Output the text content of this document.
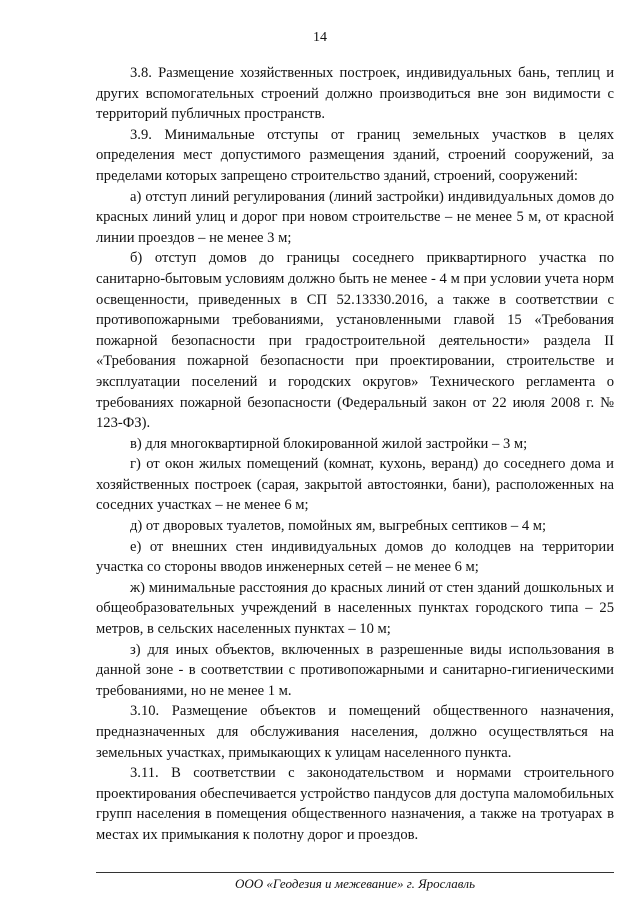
14

3.8. Размещение хозяйственных построек, индивидуальных бань, теплиц и других вспомогательных строений должно производиться вне зон видимости с территорий публичных пространств.

3.9. Минимальные отступы от границ земельных участков в целях определения мест допустимого размещения зданий, строений сооружений, за пределами которых запрещено строительство зданий, строений, сооружений:

а) отступ линий регулирования (линий застройки) индивидуальных домов до красных линий улиц и дорог при новом строительстве – не менее 5 м, от красной линии проездов – не менее 3 м;

б) отступ домов до границы соседнего приквартирного участка по санитарно-бытовым условиям должно быть не менее - 4 м при условии учета норм освещенности, приведенных в СП 52.13330.2016, а также в соответствии с противопожарными требованиями, установленными главой 15 «Требования пожарной безопасности при градостроительной деятельности» раздела II «Требования пожарной безопасности при проектировании, строительстве и эксплуатации поселений и городских округов» Технического регламента о требованиях пожарной безопасности (Федеральный закон от 22 июля 2008 г. № 123-ФЗ).

в) для многоквартирной блокированной жилой застройки – 3 м;

г) от окон жилых помещений (комнат, кухонь, веранд) до соседнего дома и хозяйственных построек (сарая, закрытой автостоянки, бани), расположенных на соседних участках – не менее 6 м;

д) от дворовых туалетов, помойных ям, выгребных септиков – 4 м;

е) от внешних стен индивидуальных домов до колодцев на территории участка со стороны вводов инженерных сетей – не менее 6 м;

ж) минимальные расстояния до красных линий от стен зданий дошкольных и общеобразовательных учреждений в населенных пунктах городского типа – 25 метров, в сельских населенных пунктах – 10 м;

з) для иных объектов, включенных в разрешенные виды использования в данной зоне - в соответствии с противопожарными и санитарно-гигиеническими требованиями, но не менее 1 м.

3.10. Размещение объектов и помещений общественного назначения, предназначенных для обслуживания населения, должно осуществляться на земельных участках, примыкающих к улицам населенного пункта.

3.11. В соответствии с законодательством и нормами строительного проектирования обеспечивается устройство пандусов для доступа маломобильных групп населения в помещения общественного назначения, а также на тротуарах в местах их примыкания к полотну дорог и проездов.

ООО «Геодезия и межевание» г. Ярославль
